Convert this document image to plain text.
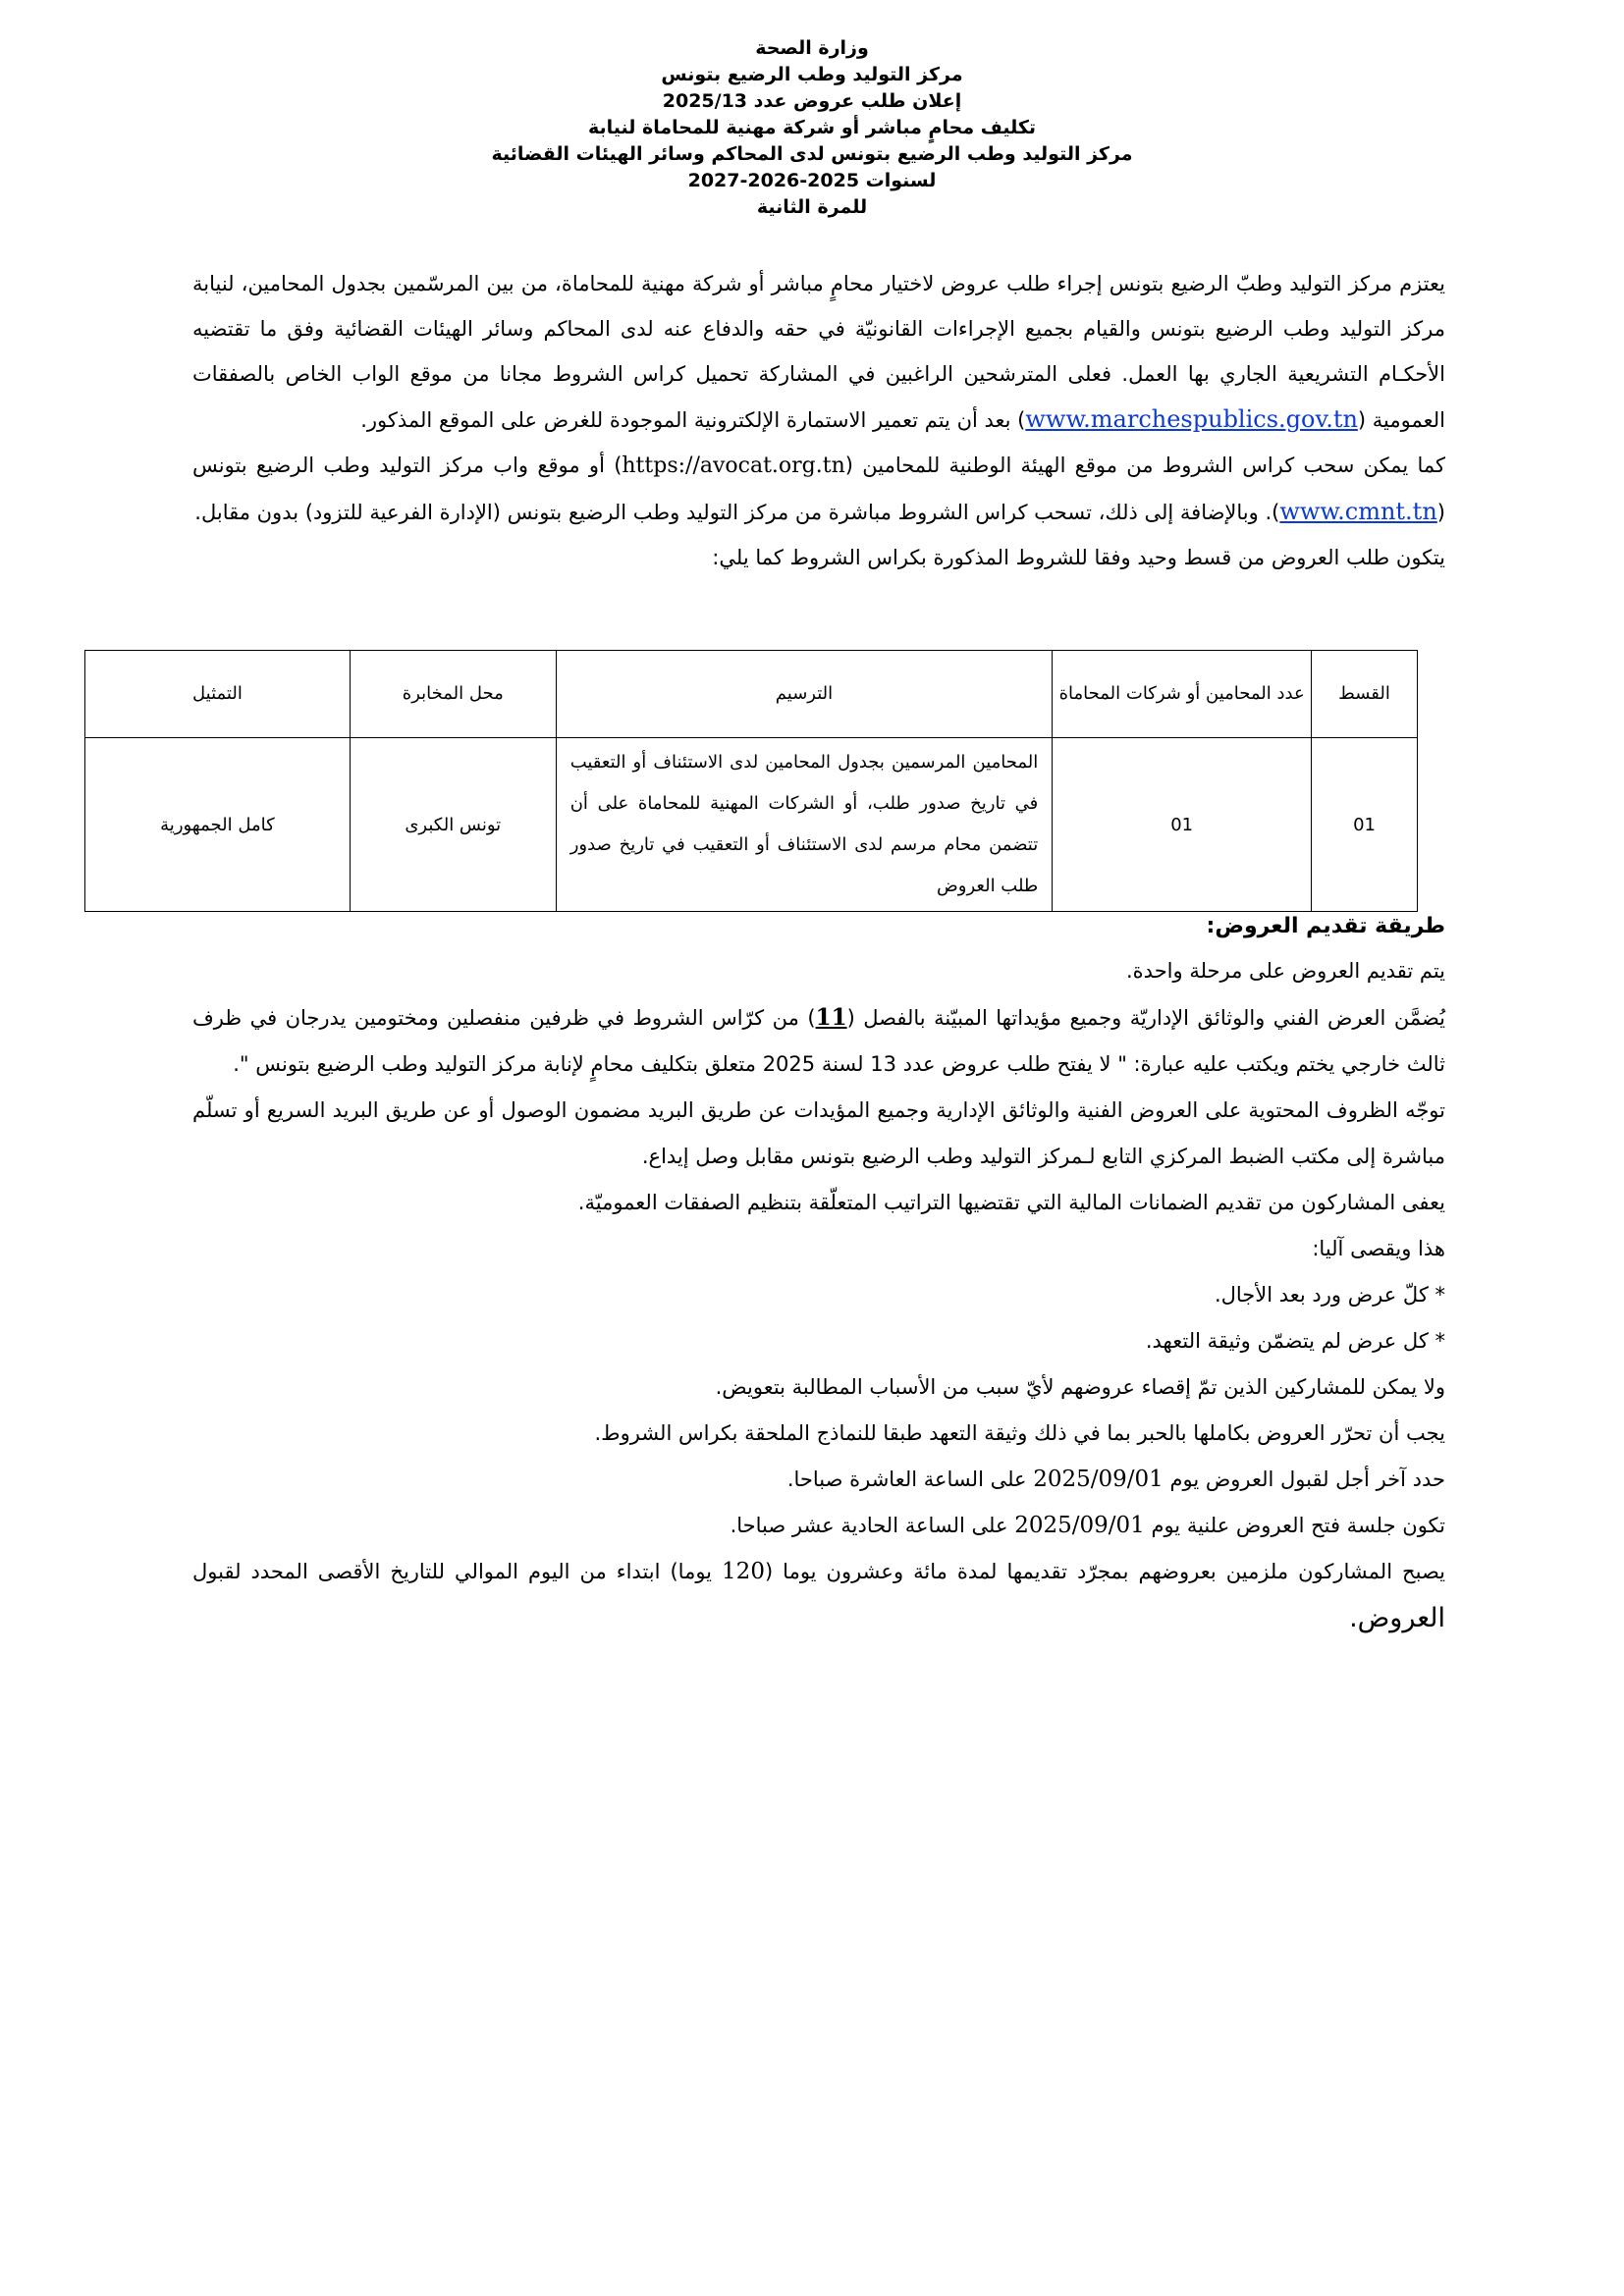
وزارة الصحة
مركز التوليد وطب الرضيع بتونس
إعلان طلب عروض عدد 2025/13
تكليف محامٍ مباشر أو شركة مهنية للمحاماة لنيابة
مركز التوليد وطب الرضيع بتونس لدى المحاكم وسائر الهيئات القضائية
لسنوات 2025-2026-2027
للمرة الثانية

يعتزم مركز التوليد وطبّ الرضيع بتونس إجراء طلب عروض لاختيار محامٍ مباشر أو شركة مهنية للمحاماة، من بين المرسّمين بجدول المحامين، لنيابة مركز التوليد وطب الرضيع بتونس والقيام بجميع الإجراءات القانونيّة في حقه والدفاع عنه لدى المحاكم وسائر الهيئات القضائية وفق ما تقتضيه الأحكـام التشريعية الجاري بها العمل. فعلى المترشحين الراغبين في المشاركة تحميل كراس الشروط مجانا من موقع الواب الخاص بالصفقات العمومية (www.marchespublics.gov.tn) بعد أن يتم تعمير الاستمارة الإلكترونية الموجودة للغرض على الموقع المذكور.

كما يمكن سحب كراس الشروط من موقع الهيئة الوطنية للمحامين (https://avocat.org.tn) أو موقع واب مركز التوليد وطب الرضيع بتونس (www.cmnt.tn). وبالإضافة إلى ذلك، تسحب كراس الشروط مباشرة من مركز التوليد وطب الرضيع بتونس (الإدارة الفرعية للتزود) بدون مقابل.

يتكون طلب العروض من قسط وحيد وفقا للشروط المذكورة بكراس الشروط كما يلي:

القسط	عدد المحامين أو شركات المحاماة	الترسيم	محل المخابرة	التمثيل
01	01	المحامين المرسمين بجدول المحامين لدى الاستئناف أو التعقيب في تاريخ صدور طلب، أو الشركات المهنية للمحاماة على أن تتضمن محام مرسم لدى الاستئناف أو التعقيب في تاريخ صدور طلب العروض	تونس الكبرى	كامل الجمهورية

طريقة تقديم العروض:

يتم تقديم العروض على مرحلة واحدة.

يُضمَّن العرض الفني والوثائق الإداريّة وجميع مؤيداتها المبيّنة بالفصل (11) من كرّاس الشروط في ظرفين منفصلين ومختومين يدرجان في ظرف ثالث خارجي يختم ويكتب عليه عبارة: " لا يفتح طلب عروض عدد 13 لسنة 2025 متعلق بتكليف محامٍ لإنابة مركز التوليد وطب الرضيع بتونس ".

توجّه الظروف المحتوية على العروض الفنية والوثائق الإدارية وجميع المؤيدات عن طريق البريد مضمون الوصول أو عن طريق البريد السريع أو تسلّم مباشرة إلى مكتب الضبط المركزي التابع لـمركز التوليد وطب الرضيع بتونس مقابل وصل إيداع.

يعفى المشاركون من تقديم الضمانات المالية التي تقتضيها التراتيب المتعلّقة بتنظيم الصفقات العموميّة.

هذا ويقصى آليا:

* كلّ عرض ورد بعد الأجال.

* كل عرض لم يتضمّن وثيقة التعهد.

ولا يمكن للمشاركين الذين تمّ إقصاء عروضهم لأيّ سبب من الأسباب المطالبة بتعويض.

يجب أن تحرّر العروض بكاملها بالحبر بما في ذلك وثيقة التعهد طبقا للنماذج الملحقة بكراس الشروط.

حدد آخر أجل لقبول العروض يوم 2025/09/01 على الساعة العاشرة صباحا.

تكون جلسة فتح العروض علنية يوم 2025/09/01 على الساعة الحادية عشر صباحا.

يصبح المشاركون ملزمين بعروضهم بمجرّد تقديمها لمدة مائة وعشرون يوما (120 يوما) ابتداء من اليوم الموالي للتاريخ الأقصى المحدد لقبول العروض.
